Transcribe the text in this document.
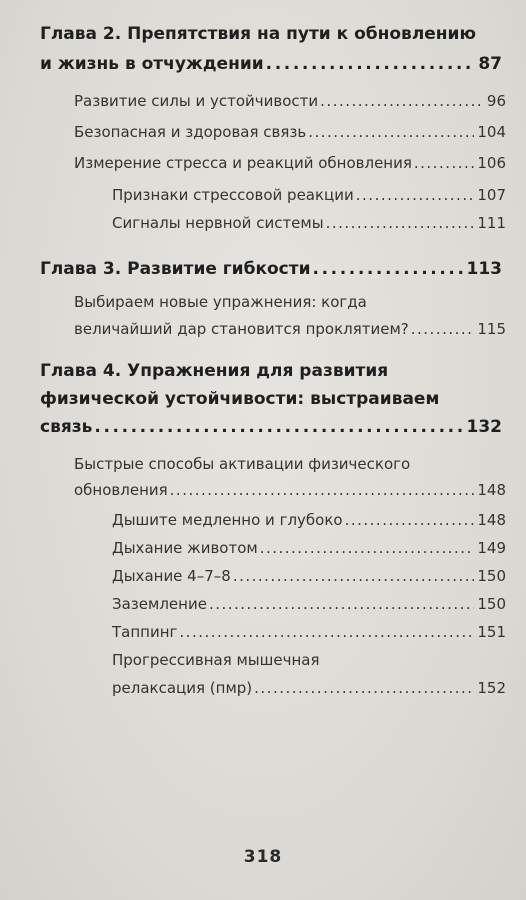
Глава 2. Препятствия на пути к обновлению
и жизнь в отчуждении .....	87
Развитие силы и устойчивости .....	96
Безопасная и здоровая связь .....	104
Измерение стресса и реакций обновления .....	106
Признаки стрессовой реакции .....	107
Сигналы нервной системы .....	111
Глава 3. Развитие гибкости .....	113
Выбираем новые упражнения: когда
величайший дар становится проклятием? .....	115
Глава 4. Упражнения для развития
физической устойчивости: выстраиваем
связь .....	132
Быстрые способы активации физического
обновления .....	148
Дышите медленно и глубоко .....	148
Дыхание животом .....	149
Дыхание 4–7–8 .....	150
Заземление .....	150
Таппинг .....	151
Прогрессивная мышечная
релаксация (пмр) .....	152
318
